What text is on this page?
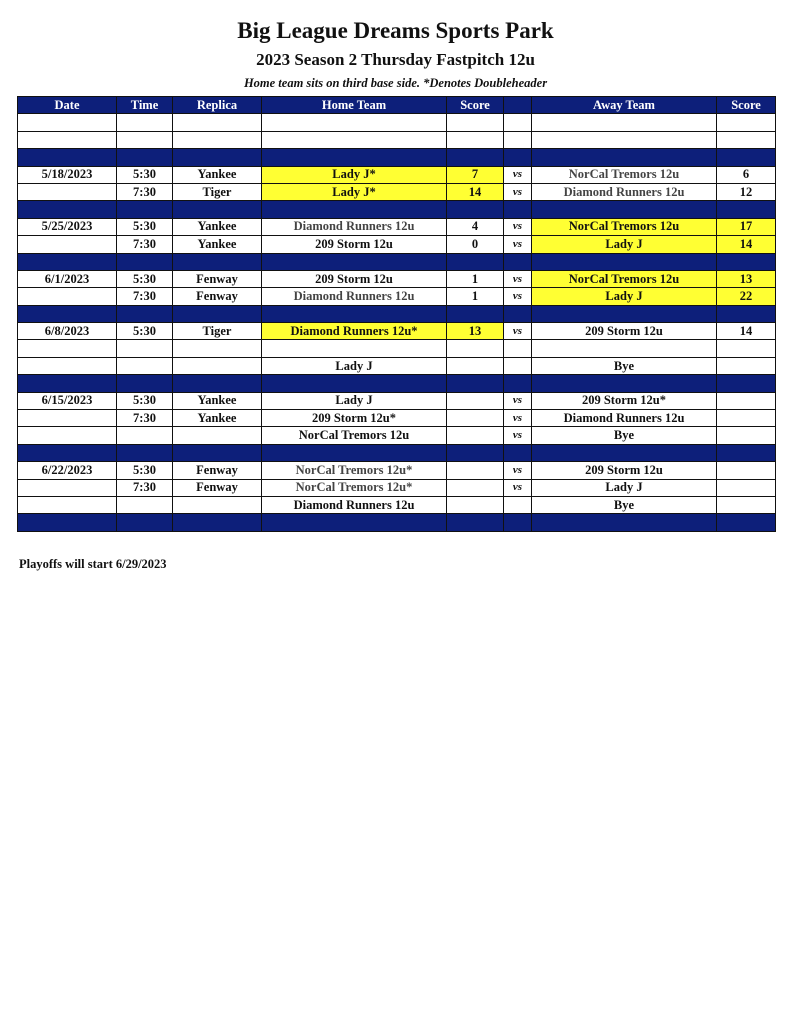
Big League Dreams Sports Park
2023 Season 2 Thursday Fastpitch 12u
Home team sits on third base side. *Denotes Doubleheader
Date	Time	Replica	Home Team	Score		Away Team	Score

5/18/2023	5:30	Yankee	Lady J*	7	vs	NorCal Tremors 12u	6
	7:30	Tiger	Lady J*	14	vs	Diamond Runners 12u	12

5/25/2023	5:30	Yankee	Diamond Runners 12u	4	vs	NorCal Tremors 12u	17
	7:30	Yankee	209 Storm 12u	0	vs	Lady J	14

6/1/2023	5:30	Fenway	209 Storm 12u	1	vs	NorCal Tremors 12u	13
	7:30	Fenway	Diamond Runners 12u	1	vs	Lady J	22

6/8/2023	5:30	Tiger	Diamond Runners 12u*	13	vs	209 Storm 12u	14

			Lady J			Bye	

6/15/2023	5:30	Yankee	Lady J		vs	209 Storm 12u*	
	7:30	Yankee	209 Storm 12u*		vs	Diamond Runners 12u	
			NorCal Tremors 12u		vs	Bye	

6/22/2023	5:30	Fenway	NorCal Tremors 12u*		vs	209 Storm 12u	
	7:30	Fenway	NorCal Tremors 12u*		vs	Lady J	
			Diamond Runners 12u			Bye	

Playoffs will start 6/29/2023
